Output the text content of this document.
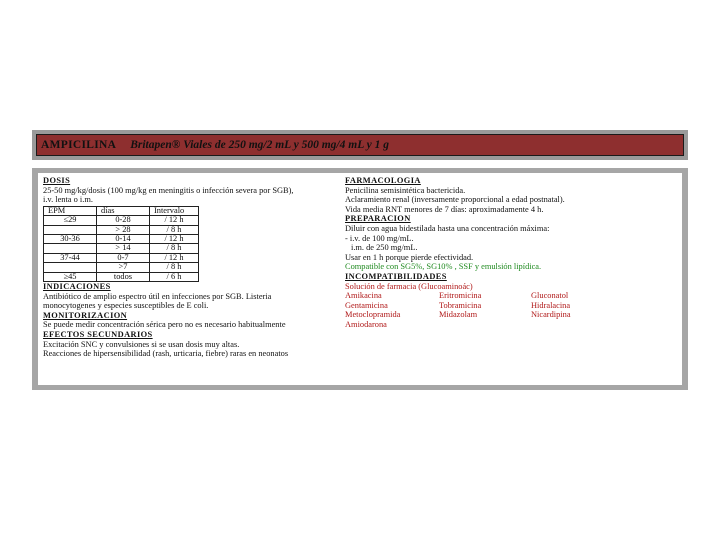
AMPICILINA Britapen® Viales de 250 mg/2 mL y 500 mg/4 mL y 1 g
DOSIS
25-50 mg/kg/dosis (100 mg/kg en meningitis o infección severa por SGB),
i.v. lenta o i.m.
EPM	días	Intervalo
≤29	0-28	/ 12 h
	> 28	/ 8 h
30-36	0-14	/ 12 h
	> 14	/ 8 h
37-44	0-7	/ 12 h
	>7	/ 8 h
≥45	todos	/ 6 h
INDICACIONES
Antibiótico de amplio espectro útil en infecciones por SGB. Listeria
monocytogenes y especies susceptibles de E coli.
MONITORIZACION
Se puede medir concentración sérica pero no es necesario habitualmente
EFECTOS SECUNDARIOS
Excitación SNC y convulsiones si se usan dosis muy altas.
Reacciones de hipersensibilidad (rash, urticaria, fiebre) raras en neonatos
FARMACOLOGIA
Penicilina semisintética bactericida.
Aclaramiento renal (inversamente proporcional a edad postnatal).
Vida media RNT menores de 7 días: aproximadamente 4 h.
PREPARACION
Diluir con agua bidestilada hasta una concentración máxima:
- i.v. de 100 mg/mL.
i.m. de 250 mg/mL.
Usar en 1 h porque pierde efectividad.
Compatible con SG5%, SG10% , SSF y emulsión lipídica.
INCOMPATIBILIDADES
Solución de farmacia (Glucoaminoác)
Amikacina	Eritromicina	Gluconatol
Gentamicina	Tobramicina	Hidralacina
Metoclopramida	Midazolam	Nicardipina
Amiodarona
